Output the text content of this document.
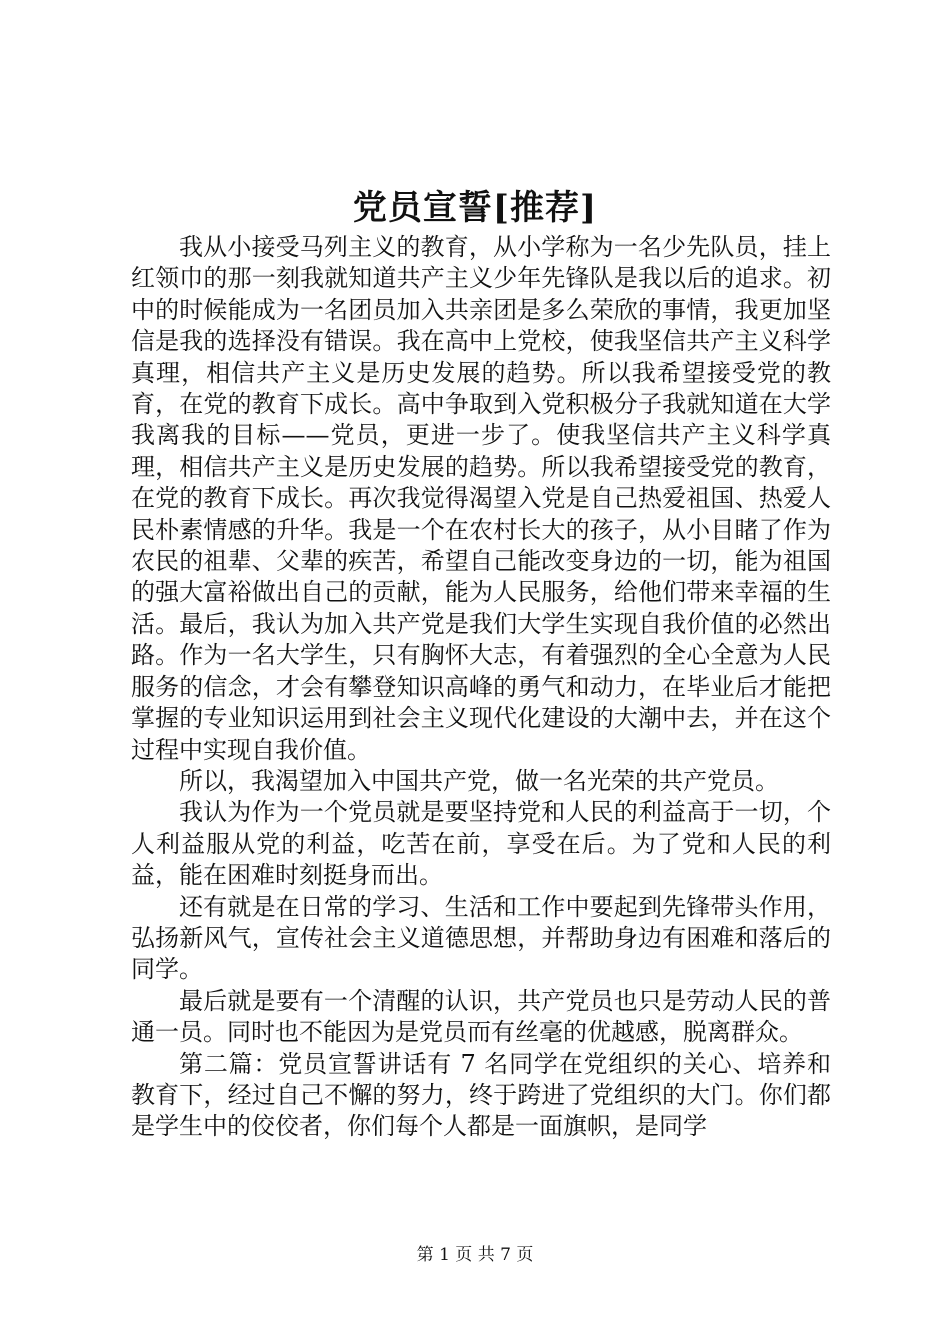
党员宣誓[推荐]

我从小接受马列主义的教育，从小学称为一名少先队员，挂上红领巾的那一刻我就知道共产主义少年先锋队是我以后的追求。初中的时候能成为一名团员加入共亲团是多么荣欣的事情，我更加坚信是我的选择没有错误。我在高中上党校，使我坚信共产主义科学真理，相信共产主义是历史发展的趋势。所以我希望接受党的教育，在党的教育下成长。高中争取到入党积极分子我就知道在大学我离我的目标——党员，更进一步了。使我坚信共产主义科学真理，相信共产主义是历史发展的趋势。所以我希望接受党的教育，在党的教育下成长。再次我觉得渴望入党是自己热爱祖国、热爱人民朴素情感的升华。我是一个在农村长大的孩子，从小目睹了作为农民的祖辈、父辈的疾苦，希望自己能改变身边的一切，能为祖国的强大富裕做出自己的贡献，能为人民服务，给他们带来幸福的生活。最后，我认为加入共产党是我们大学生实现自我价值的必然出路。作为一名大学生，只有胸怀大志，有着强烈的全心全意为人民服务的信念，才会有攀登知识高峰的勇气和动力，在毕业后才能把掌握的专业知识运用到社会主义现代化建设的大潮中去，并在这个过程中实现自我价值。

所以，我渴望加入中国共产党，做一名光荣的共产党员。

我认为作为一个党员就是要坚持党和人民的利益高于一切，个人利益服从党的利益，吃苦在前，享受在后。为了党和人民的利益，能在困难时刻挺身而出。

还有就是在日常的学习、生活和工作中要起到先锋带头作用，弘扬新风气，宣传社会主义道德思想，并帮助身边有困难和落后的同学。

最后就是要有一个清醒的认识，共产党员也只是劳动人民的普通一员。同时也不能因为是党员而有丝毫的优越感，脱离群众。

第二篇：党员宣誓讲话有 7 名同学在党组织的关心、培养和教育下，经过自己不懈的努力，终于跨进了党组织的大门。你们都是学生中的佼佼者，你们每个人都是一面旗帜，是同学

第 1 页 共 7 页
